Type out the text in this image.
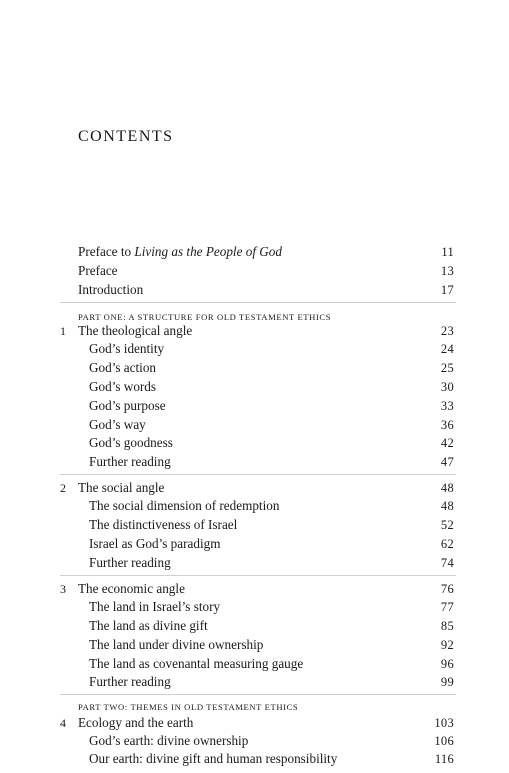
CONTENTS
Preface to Living as the People of God	11
Preface	13
Introduction	17
PART ONE: A STRUCTURE FOR OLD TESTAMENT ETHICS
1 The theological angle	23
God’s identity	24
God’s action	25
God’s words	30
God’s purpose	33
God’s way	36
God’s goodness	42
Further reading	47
2 The social angle	48
The social dimension of redemption	48
The distinctiveness of Israel	52
Israel as God’s paradigm	62
Further reading	74
3 The economic angle	76
The land in Israel’s story	77
The land as divine gift	85
The land under divine ownership	92
The land as covenantal measuring gauge	96
Further reading	99
PART TWO: THEMES IN OLD TESTAMENT ETHICS
4 Ecology and the earth	103
God’s earth: divine ownership	106
Our earth: divine gift and human responsibility	116
